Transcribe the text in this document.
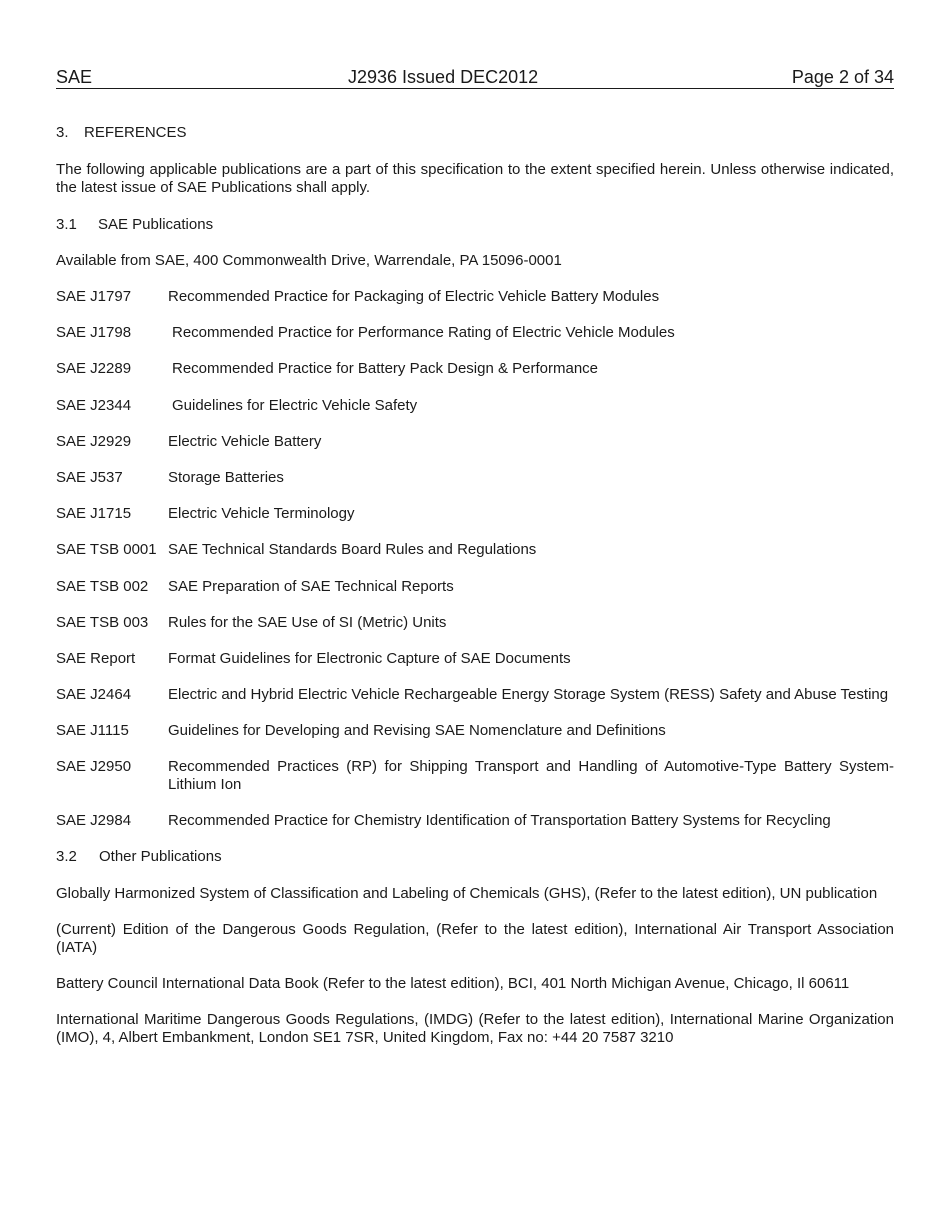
SAE	J2936 Issued DEC2012	Page 2 of 34

3. REFERENCES

The following applicable publications are a part of this specification to the extent specified herein. Unless otherwise indicated, the latest issue of SAE Publications shall apply.

3.1 SAE Publications

Available from SAE, 400 Commonwealth Drive, Warrendale, PA 15096-0001

SAE J1797	Recommended Practice for Packaging of Electric Vehicle Battery Modules
SAE J1798	Recommended Practice for Performance Rating of Electric Vehicle Modules
SAE J2289	Recommended Practice for Battery Pack Design & Performance
SAE J2344	Guidelines for Electric Vehicle Safety
SAE J2929	Electric Vehicle Battery
SAE J537	Storage Batteries
SAE J1715	Electric Vehicle Terminology
SAE TSB 0001 SAE Technical Standards Board Rules and Regulations
SAE TSB 002	SAE Preparation of SAE Technical Reports
SAE TSB 003	Rules for the SAE Use of SI (Metric) Units
SAE Report	Format Guidelines for Electronic Capture of SAE Documents
SAE J2464	Electric and Hybrid Electric Vehicle Rechargeable Energy Storage System (RESS) Safety and Abuse Testing
SAE J1115	Guidelines for Developing and Revising SAE Nomenclature and Definitions
SAE J2950	Recommended Practices (RP) for Shipping Transport and Handling of Automotive-Type Battery System- Lithium Ion
SAE J2984	Recommended Practice for Chemistry Identification of Transportation Battery Systems for Recycling

3.2 Other Publications

Globally Harmonized System of Classification and Labeling of Chemicals (GHS), (Refer to the latest edition), UN publication

(Current) Edition of the Dangerous Goods Regulation, (Refer to the latest edition), International Air Transport Association (IATA)

Battery Council International Data Book (Refer to the latest edition), BCI, 401 North Michigan Avenue, Chicago, Il 60611

International Maritime Dangerous Goods Regulations, (IMDG) (Refer to the latest edition), International Marine Organization (IMO), 4, Albert Embankment, London SE1 7SR, United Kingdom, Fax no: +44 20 7587 3210
